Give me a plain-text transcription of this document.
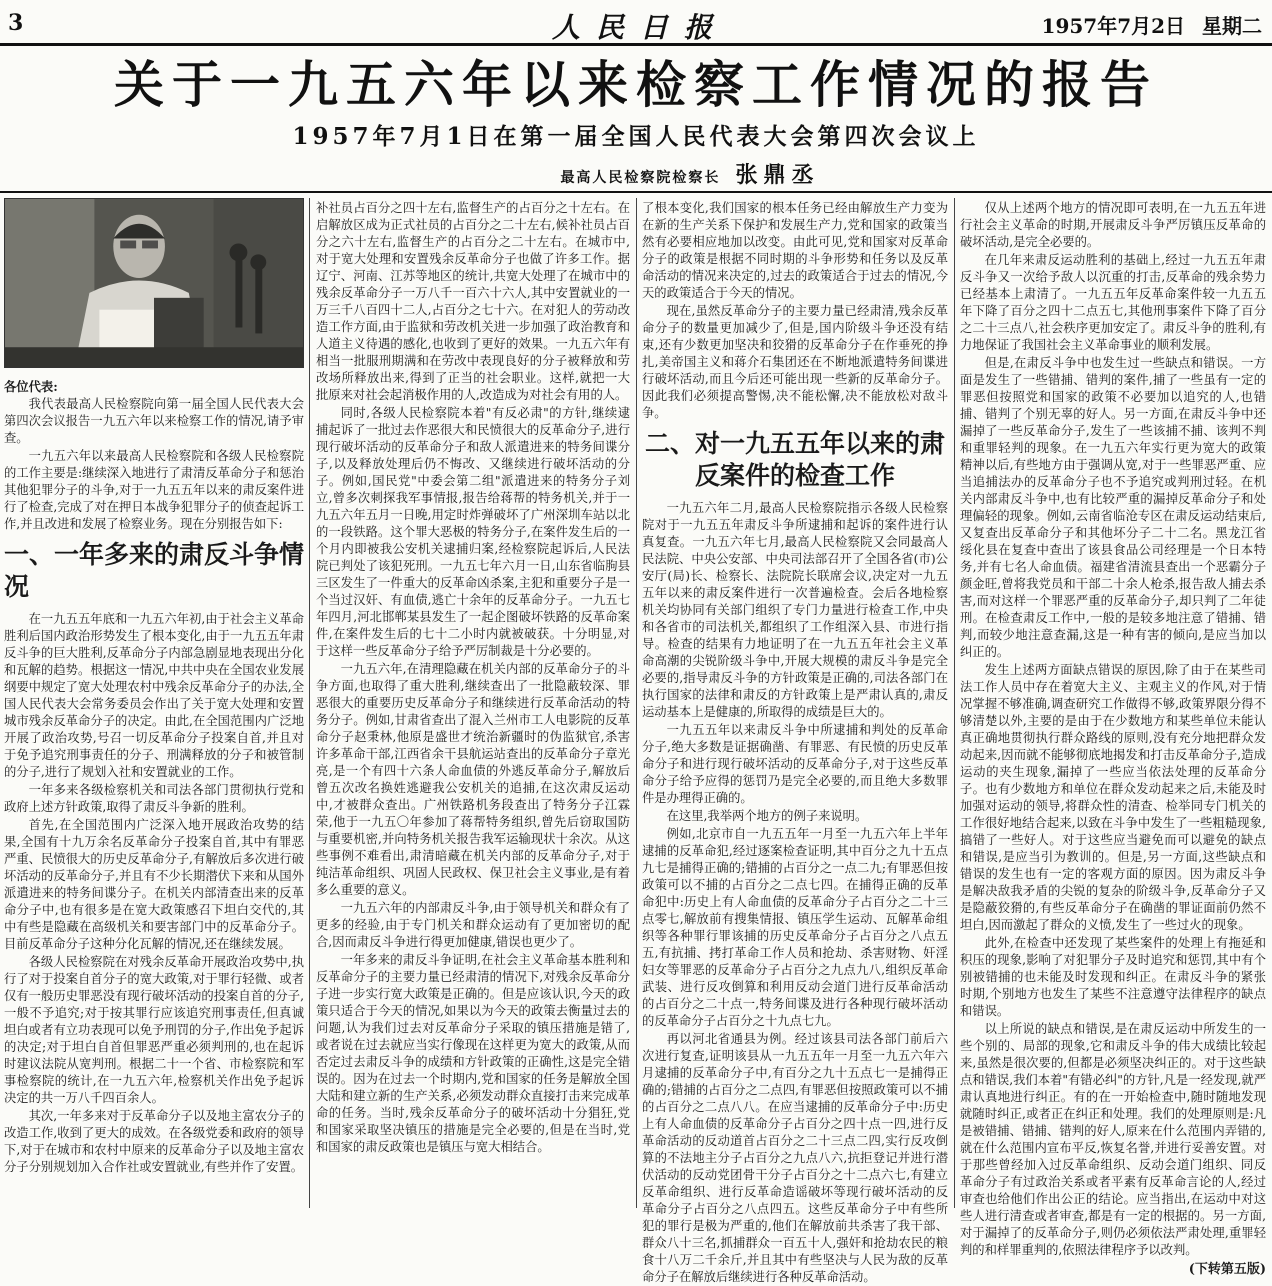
3	人民日报	1957年7月2日 星期二
关于一九五六年以来检察工作情况的报告
1957年7月1日在第一届全国人民代表大会第四次会议上
最高人民检察院检察长 张鼎丞

各位代表:

我代表最高人民检察院向第一届全国人民代表大会第四次会议报告一九五六年以来检察工作的情况,请予审查。

一九五六年以来最高人民检察院和各级人民检察院的工作主要是:继续深入地进行了肃清反革命分子和惩治其他犯罪分子的斗争,对于一九五五年以来的肃反案件进行了检查,完成了对在押日本战争犯罪分子的侦查起诉工作,并且改进和发展了检察业务。现在分别报告如下:

一、一年多来的肃反斗争情况

在一九五五年底和一九五六年初,由于社会主义革命胜利后国内政治形势发生了根本变化,由于一九五五年肃反斗争的巨大胜利,反革命分子内部急剧显地表现出分化和瓦解的趋势。根据这一情况,中共中央在全国农业发展纲要中规定了宽大处理农村中残余反革命分子的办法,全国人民代表大会常务委员会作出了关于宽大处理和安置城市残余反革命分子的决定。由此,在全国范围内广泛地开展了政治攻势,号召一切反革命分子投案自首,并且对于免予追究刑事责任的分子、刑满释放的分子和被管制的分子,进行了规划入社和安置就业的工作。

一年多来各级检察机关和司法各部门贯彻执行党和政府上述方针政策,取得了肃反斗争新的胜利。

首先,在全国范围内广泛深入地开展政治攻势的结果,全国有十九万余名反革命分子投案自首,其中有罪恶严重、民愤很大的历史反革命分子,有解放后多次进行破坏活动的反革命分子,并且有不少长期潜伏下来和从国外派遣进来的特务间谍分子。在机关内部清查出来的反革命分子中,也有很多是在宽大政策感召下坦白交代的,其中有些是隐藏在高级机关和要害部门中的反革命分子。目前反革命分子这种分化瓦解的情况,还在继续发展。

各级人民检察院在对残余反革命开展政治攻势中,执行了对于投案自首分子的宽大政策,对于罪行轻微、或者仅有一般历史罪恶没有现行破坏活动的投案自首的分子,一般不予追究;对于按其罪行应该追究刑事责任,但真诚坦白或者有立功表现可以免予刑罚的分子,作出免予起诉的决定;对于坦白自首但罪恶严重必须判刑的,也在起诉时建议法院从宽判刑。根据二十一个省、市检察院和军事检察院的统计,在一九五六年,检察机关作出免予起诉决定的共一万八千四百余人。

其次,一年多来对于反革命分子以及地主富农分子的改造工作,收到了更大的成效。在各级党委和政府的领导下,对于在城市和农村中原来的反革命分子以及地主富农分子分别规划加入合作社或安置就业,有些并作了安置。

补社员占百分之四十左右,监督生产的占百分之十左右。在启解放区成为正式社员的占百分之二十左右,候补社员占百分之六十左右,监督生产的占百分之二十左右。在城市中,对于宽大处理和安置残余反革命分子也做了许多工作。据辽宁、河南、江苏等地区的统计,共宽大处理了在城市中的残余反革命分子一万八千一百六十六人,其中安置就业的一万三千八百四十二人,占百分之七十六。在对犯人的劳动改造工作方面,由于监狱和劳改机关进一步加强了政治教育和人道主义待遇的感化,也收到了更好的效果。一九五六年有相当一批服刑期满和在劳改中表现良好的分子被释放和劳改场所释放出来,得到了正当的社会职业。这样,就把一大批原来对社会起消极作用的人,改造成为对社会有用的人。

同时,各级人民检察院本着"有反必肃"的方针,继续逮捕起诉了一批过去作恶很大和民愤很大的反革命分子,进行现行破坏活动的反革命分子和敌人派遣进来的特务间谍分子,以及释放处理后仍不悔改、又继续进行破坏活动的分子。例如,国民党"中委会第二组"派遣进来的特务分子刘立,曾多次刺探我军事情报,报告给蒋帮的特务机关,并于一九五六年五月一日晚,用定时炸弹破坏了广州深圳车站以北的一段铁路。这个罪大恶极的特务分子,在案件发生后的一个月内即被我公安机关逮捕归案,经检察院起诉后,人民法院已判处了该犯死刑。一九五七年六月一日,山东省临朐县三区发生了一件重大的反革命凶杀案,主犯和重要分子是一个当过汉奸、有血债,逃亡十余年的反革命分子。一九五七年四月,河北邯郸某县发生了一起企图破坏铁路的反革命案件,在案件发生后的七十二小时内就被破获。十分明显,对于这样一些反革命分子给予严厉制裁是十分必要的。

一九五六年,在清理隐藏在机关内部的反革命分子的斗争方面,也取得了重大胜利,继续查出了一批隐蔽较深、罪恶很大的重要历史反革命分子和继续进行反革命活动的特务分子。例如,甘肃省查出了混入兰州市工人电影院的反革命分子赵秉林,他原是盛世才统治新疆时的伪监狱官,杀害许多革命干部,江西省余干县航运站查出的反革命分子章光亮,是一个有四十六条人命血债的外逃反革命分子,解放后曾五次改名换姓逃避我公安机关的追捕,在这次肃反运动中,才被群众查出。广州铁路机务段查出了特务分子江霖荣,他于一九五〇年参加了蒋帮特务组织,曾先后窃取国防与重要机密,并向特务机关报告我军运输现状十余次。从这些事例不难看出,肃清暗藏在机关内部的反革命分子,对于纯洁革命组织、巩固人民政权、保卫社会主义事业,是有着多么重要的意义。

一九五六年的内部肃反斗争,由于领导机关和群众有了更多的经验,由于专门机关和群众运动有了更加密切的配合,因而肃反斗争进行得更加健康,错误也更少了。

一年多来的肃反斗争证明,在社会主义革命基本胜利和反革命分子的主要力量已经肃清的情况下,对残余反革命分子进一步实行宽大政策是正确的。但是应该认识,今天的政策只适合于今天的情况,如果以为今天的政策去衡量过去的问题,认为我们过去对反革命分子采取的镇压措施是错了,或者说在过去就应当实行像现在这样更为宽大的政策,从而否定过去肃反斗争的成绩和方针政策的正确性,这是完全错误的。因为在过去一个时期内,党和国家的任务是解放全国大陆和建立新的生产关系,必须发动群众直接打击来完成革命的任务。当时,残余反革命分子的破坏活动十分猖狂,党和国家采取坚决镇压的措施是完全必要的,但是在当时,党和国家的肃反政策也是镇压与宽大相结合。

了根本变化,我们国家的根本任务已经由解放生产力变为在新的生产关系下保护和发展生产力,党和国家的政策当然有必要相应地加以改变。由此可见,党和国家对反革命分子的政策是根据不同时期的斗争形势和任务以及反革命活动的情况来决定的,过去的政策适合于过去的情况,今天的政策适合于今天的情况。

现在,虽然反革命分子的主要力量已经肃清,残余反革命分子的数量更加减少了,但是,国内阶级斗争还没有结束,还有少数更加坚决和狡猾的反革命分子在作垂死的挣扎,美帝国主义和蒋介石集团还在不断地派遣特务间谍进行破坏活动,而且今后还可能出现一些新的反革命分子。因此我们必须提高警惕,决不能松懈,决不能放松对敌斗争。

二、对一九五五年以来的肃反案件的检查工作

一九五六年二月,最高人民检察院指示各级人民检察院对于一九五五年肃反斗争所逮捕和起诉的案件进行认真复查。一九五六年七月,最高人民检察院又会同最高人民法院、中央公安部、中央司法部召开了全国各省(市)公安厅(局)长、检察长、法院院长联席会议,决定对一九五五年以来的肃反案件进行一次普遍检查。会后各地检察机关均协同有关部门组织了专门力量进行检查工作,中央和各省市的司法机关,都组织了工作组深入县、市进行指导。检查的结果有力地证明了在一九五五年社会主义革命高潮的尖锐阶级斗争中,开展大规模的肃反斗争是完全必要的,指导肃反斗争的方针政策是正确的,司法各部门在执行国家的法律和肃反的方针政策上是严肃认真的,肃反运动基本上是健康的,所取得的成绩是巨大的。

一九五五年以来肃反斗争中所逮捕和判处的反革命分子,绝大多数是证据确凿、有罪恶、有民愤的历史反革命分子和进行现行破坏活动的反革命分子,对于这些反革命分子给予应得的惩罚乃是完全必要的,而且绝大多数罪件是办理得正确的。

在这里,我举两个地方的例子来说明。

例如,北京市自一九五五年一月至一九五六年上半年逮捕的反革命犯,经过逐案检查证明,其中百分之九十五点九七是捕得正确的;错捕的占百分之一点二九;有罪恶但按政策可以不捕的占百分之二点七四。在捕得正确的反革命犯中:历史上有人命血债的反革命分子占百分之二十三点零七,解放前有搜集情报、镇压学生运动、瓦解革命组织等各种罪行罪该捕的历史反革命分子占百分之八点五五,有抗捕、拷打革命工作人员和抢劫、杀害财物、奸淫妇女等罪恶的反革命分子占百分之九点九八,组织反革命武装、进行反攻倒算和利用反动会道门进行反革命活动的占百分之二十点一,特务间谍及进行各种现行破坏活动的反革命分子占百分之十九点七九。

再以河北省通县为例。经过该县司法各部门前后六次进行复查,证明该县从一九五五年一月至一九五六年六月逮捕的反革命分子中,有百分之九十五点七一是捕得正确的;错捕的占百分之二点四,有罪恶但按照政策可以不捕的占百分之二点八八。在应当逮捕的反革命分子中:历史上有人命血债的反革命分子占百分之四十点一四,进行反革命活动的反动道首占百分之二十三点二四,实行反攻倒算的不法地主分子占百分之九点八六,抗拒登记并进行潜伏活动的反动党团骨干分子占百分之十二点六七,有建立反革命组织、进行反革命造谣破坏等现行破坏活动的反革命分子占百分之八点四五。这些反革命分子中有些所犯的罪行是极为严重的,他们在解放前共杀害了我干部、群众八十三名,抓捕群众一百五十人,强奸和抢劫农民的粮食十八万二千余斤,并且其中有些坚决与人民为敌的反革命分子在解放后继续进行各种反革命活动。

仅从上述两个地方的情况即可表明,在一九五五年进行社会主义革命的时期,开展肃反斗争严厉镇压反革命的破坏活动,是完全必要的。

在几年来肃反运动胜利的基础上,经过一九五五年肃反斗争又一次给予敌人以沉重的打击,反革命的残余势力已经基本上肃清了。一九五五年反革命案件较一九五五年下降了百分之四十二点五七,其他刑事案件下降了百分之二十三点八,社会秩序更加安定了。肃反斗争的胜利,有力地保证了我国社会主义革命事业的顺利发展。

但是,在肃反斗争中也发生过一些缺点和错误。一方面是发生了一些错捕、错判的案件,捕了一些虽有一定的罪恶但按照党和国家的政策不必要加以追究的人,也错捕、错判了个别无辜的好人。另一方面,在肃反斗争中还漏掉了一些反革命分子,发生了一些该捕不捕、该判不判和重罪轻判的现象。在一九五六年实行更为宽大的政策精神以后,有些地方由于强调从宽,对于一些罪恶严重、应当追捕法办的反革命分子也不予追究或判刑过轻。在机关内部肃反斗争中,也有比较严重的漏掉反革命分子和处理偏轻的现象。例如,云南省临沧专区在肃反运动结束后,又复查出反革命分子和其他坏分子二十二名。黑龙江省绥化县在复查中查出了该县食品公司经理是一个日本特务,并有七名人命血债。福建省清流县查出一个恶霸分子颜金旺,曾将我党员和干部二十余人枪杀,报告敌人捕去杀害,而对这样一个罪恶严重的反革命分子,却只判了二年徒刑。在检查肃反工作中,一般的是较多地注意了错捕、错判,而较少地注意查漏,这是一种有害的倾向,是应当加以纠正的。

发生上述两方面缺点错误的原因,除了由于在某些司法工作人员中存在着宽大主义、主观主义的作风,对于情况掌握不够准确,调查研究工作做得不够,政策界限分得不够清楚以外,主要的是由于在少数地方和某些单位未能认真正确地贯彻执行群众路线的原则,没有充分地把群众发动起来,因而就不能够彻底地揭发和打击反革命分子,造成运动的夹生现象,漏掉了一些应当依法处理的反革命分子。也有少数地方和单位在群众发动起来之后,未能及时加强对运动的领导,将群众性的清查、检举同专门机关的工作很好地结合起来,以致在斗争中发生了一些粗糙现象,搞错了一些好人。对于这些应当避免而可以避免的缺点和错误,是应当引为教训的。但是,另一方面,这些缺点和错误的发生也有一定的客观方面的原因。因为肃反斗争是解决敌我矛盾的尖锐的复杂的阶级斗争,反革命分子又是隐蔽狡猾的,有些反革命分子在确凿的罪证面前仍然不坦白,因而激起了群众的义愤,发生了一些过火的现象。

此外,在检查中还发现了某些案件的处理上有拖延和积压的现象,影响了对犯罪分子及时追究和惩罚,其中有个别被错捕的也未能及时发现和纠正。在肃反斗争的紧张时期,个别地方也发生了某些不注意遵守法律程序的缺点和错误。

以上所说的缺点和错误,是在肃反运动中所发生的一些个别的、局部的现象,它和肃反斗争的伟大成绩比较起来,虽然是很次要的,但都是必须坚决纠正的。对于这些缺点和错误,我们本着"有错必纠"的方针,凡是一经发现,就严肃认真地进行纠正。有的在一开始检查中,随时随地发现就随时纠正,或者正在纠正和处理。我们的处理原则是:凡是被错捕、错捕、错判的好人,原来在什么范围内弄错的,就在什么范围内宣布平反,恢复名誉,并进行妥善安置。对于那些曾经加入过反革命组织、反动会道门组织、同反革命分子有过政治关系或者平素有反革命言论的人,经过审查也给他们作出公正的结论。应当指出,在运动中对这些人进行清查或者审查,都是有一定的根据的。另一方面,对于漏掉了的反革命分子,则仍必须依法严肃处理,重罪轻判的和样罪重判的,依照法律程序予以改判。

(下转第五版)
